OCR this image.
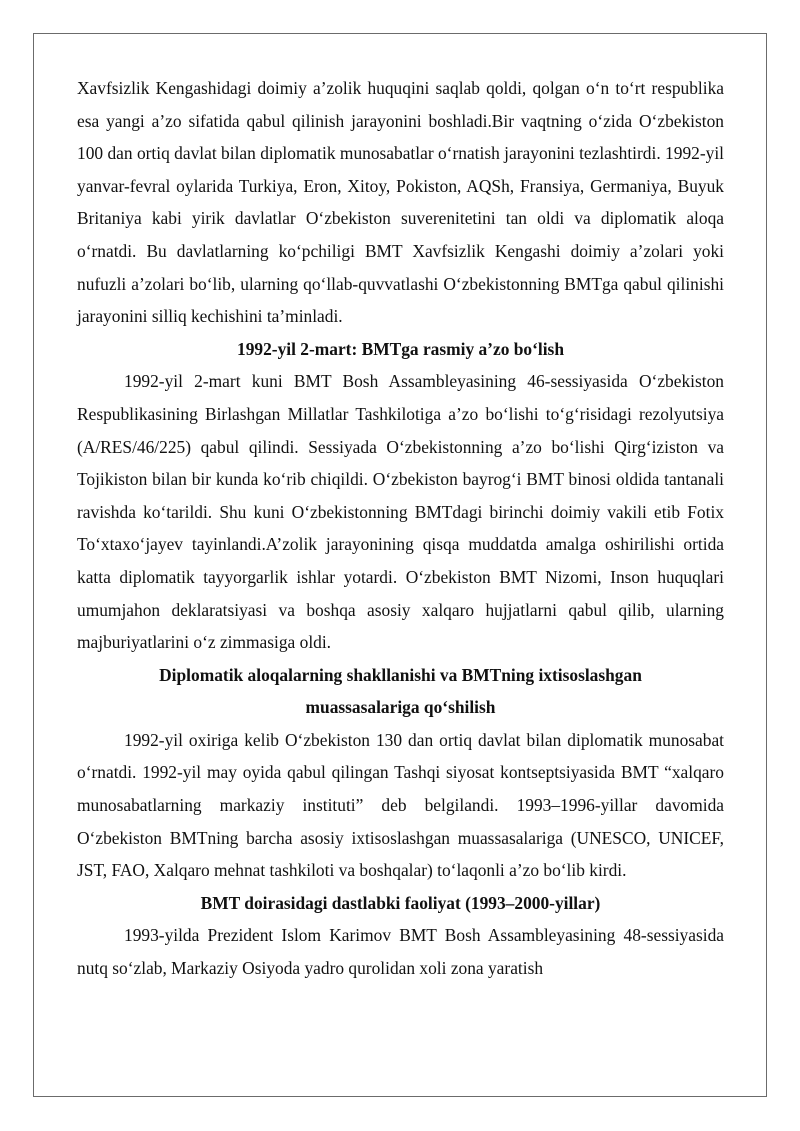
Xavfsizlik Kengashidagi doimiy a’zolik huquqini saqlab qoldi, qolgan o‘n to‘rt respublika esa yangi a’zo sifatida qabul qilinish jarayonini boshladi.Bir vaqtning o‘zida O‘zbekiston 100 dan ortiq davlat bilan diplomatik munosabatlar o‘rnatish jarayonini tezlashtirdi. 1992-yil yanvar-fevral oylarida Turkiya, Eron, Xitoy, Pokiston, AQSh, Fransiya, Germaniya, Buyuk Britaniya kabi yirik davlatlar O‘zbekiston suverenitetini tan oldi va diplomatik aloqa o‘rnatdi. Bu davlatlarning ko‘pchiligi BMT Xavfsizlik Kengashi doimiy a’zolari yoki nufuzli a’zolari bo‘lib, ularning qo‘llab-quvvatlashi O‘zbekistonning BMTga qabul qilinishi jarayonini silliq kechishini ta’minladi.

1992-yil 2-mart: BMTga rasmiy a’zo bo‘lish

1992-yil 2-mart kuni BMT Bosh Assambleyasining 46-sessiyasida O‘zbekiston Respublikasining Birlashgan Millatlar Tashkilotiga a’zo bo‘lishi to‘g‘risidagi rezolyutsiya (A/RES/46/225) qabul qilindi. Sessiyada O‘zbekistonning a’zo bo‘lishi Qirg‘iziston va Tojikiston bilan bir kunda ko‘rib chiqildi. O‘zbekiston bayrog‘i BMT binosi oldida tantanali ravishda ko‘tarildi. Shu kuni O‘zbekistonning BMTdagi birinchi doimiy vakili etib Fotix To‘xtaxo‘jayev tayinlandi.A’zolik jarayonining qisqa muddatda amalga oshirilishi ortida katta diplomatik tayyorgarlik ishlar yotardi. O‘zbekiston BMT Nizomi, Inson huquqlari umumjahon deklaratsiyasi va boshqa asosiy xalqaro hujjatlarni qabul qilib, ularning majburiyatlarini o‘z zimmasiga oldi.

Diplomatik aloqalarning shakllanishi va BMTning ixtisoslashgan
muassasalariga qo‘shilish

1992-yil oxiriga kelib O‘zbekiston 130 dan ortiq davlat bilan diplomatik munosabat o‘rnatdi. 1992-yil may oyida qabul qilingan Tashqi siyosat kontseptsiyasida BMT “xalqaro munosabatlarning markaziy instituti” deb belgilandi. 1993–1996-yillar davomida O‘zbekiston BMTning barcha asosiy ixtisoslashgan muassasalariga (UNESCO, UNICEF, JST, FAO, Xalqaro mehnat tashkiloti va boshqalar) to‘laqonli a’zo bo‘lib kirdi.

BMT doirasidagi dastlabki faoliyat (1993–2000-yillar)

1993-yilda Prezident Islom Karimov BMT Bosh Assambleyasining 48-sessiyasida nutq so‘zlab, Markaziy Osiyoda yadro qurolidan xoli zona yaratish
